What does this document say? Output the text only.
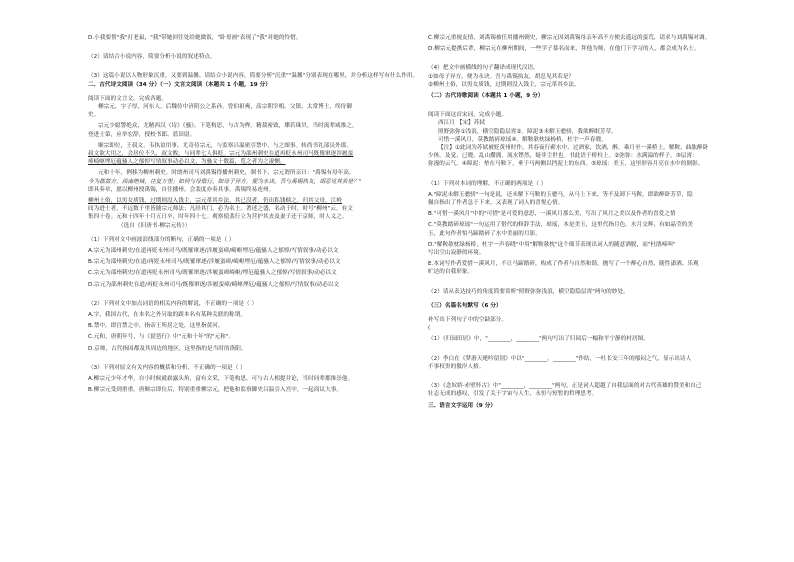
D.小我要帮"我"打老鼠，"我"带她回往处给她做饭，"卧哥画"表现了"我"对她的怜惜。
（2）请结合小说内容，简要分析小说的叙述特点。
（3）这篇小说以人物形象沉重，又要到温馨。请结合小说内容，简要分析"沉重""温馨"分别表现在哪里，并分析这样写有什么作用。
二、古代诗文阅读（34 分）（一）文言文阅读（本题共 1 小题，19 分）
阅读下面的文言文，完成各题。
柳宗元，字子厚，河东人，后魏侍中济阴公之系孙。曾伯祖奭，高宗朝宰相。父镇，太常博士，终侍御
史。
宗元少聪警绝众，尤精西汉《诗》《骚》。下笔构思，与古为侔。精裁密致，璨若珠贝。当时流辈咸推之，
登进士第，应举宏辞，授校书郎、蓝田尉。
顺宗即位，王叔文、韦执谊用事，尤奇待宗元，与监察吕温密引禁中，与之图事。转尚书礼部员外郎。
叔文欲大用之，会居位不久，叔文败，与同辈七人俱贬。宗元为邵州刺史在道再贬永州司马既罹窜逐涉履蛮
瘴崎岖堙厄蕴骚人之郁悼写情叙事动必以文，为骚文十数篇，览之者为之凄恻。
元和十年，例移为柳州刺史。时朗州司马刘禹锡得播州刺史，制书下，宗元谓所亲曰："禹锡有母年高，
今为郡蛮方，西南绝域，往复万里；如何与母偕行。如母子异方，便为永诀。吾与禹锡执友，胡忍见其若是？"
即具奏章，愿以柳州授禹锡，自往播州。会裴度亦奏其事，禹锡终易连州。
柳州土俗，以男女质钱，过期则没入钱主，宗元革其乡法。其已没者，仍出私钱赎之，归其父母。江岭
间为进士者，不远数千里皆随宗元师法；凡经其门，必为名士。著述之盛，名动于时，时号"柳州"云。有文
集四十卷。元和十四年十月五日卒，时年四十七。观察使裴行立为营护其丧及妻子还于京师，时人义之。
（选自《旧唐书·柳宗元传》）
（1）下列对文中画波浪线部分的断句，正确的一项是（ ）
A.宗元为邵州刺史/在道再贬永州司马/既罹窜逐/涉履蛮瘴/崎岖堙厄/蕴骚人之郁悼/写情叙事/动必以文
B.宗元为邵州刺史/在道/再贬永州司马/既罹窜逐/涉履蛮瘴/崎岖堙厄/蕴骚人之郁悼/写情叙事/动必以文
C.宗元为邵州刺史/在道再贬永州司马/既罹窜逐/涉履蛮瘴崎岖/堙厄蕴骚人之郁悼/写情叙事/动必以文
D.宗元为邵州刺史在道/再贬永州司马/既罹窜逐/涉履蛮瘴/崎岖堙厄/蕴骚人之郁悼/写情叙事/动必以文
（2）下列对文中加点词语的相关内容的解说，不正确的一项是（ ）
A.字，我国古代，在本名之外另取的跟本名有某种关联的称谓。
B.禁中，即宫禁之中，指帝王所居之处，这里指黄河。
C.元和，唐朝年号，与《琵琶行》中"元和十年"的"元和"。
D.京师，古代指国都及其周边的地区，这里指的是当时的洛阳。
（3）下列对原文有关内容的概括和分析，不正确的一项是（ ）
A.柳宗元少年才华，自小时候就崭露头角，富有文采，下笔构思，可与古人相提并论，当时同辈都推崇他。
B.柳宗元受到重重。唐顺宗即位后，特别重重柳宗元，把他和监察御史吕温引入宫中，一起商议大事。
C.柳宗元重视友情，刘禹锡被任用播州刺史，柳宗元因刘禹锡母亲年高不方便去遥远的蛮荒，请求与刘禹锡对调。
D.柳宗元提携后辈，柳宗元在柳州期间，一些学子慕名而来，拜他为师，在他门下学习的人，都会成为名士。
（4）把文中画横线的句子翻译成现代汉语。
①如母子异方，便为永诀。吾与禹锡执友，胡忍见其若是？
②柳州土俗，以男女质钱，过期则没入钱主，宗元革其乡法。
（二）古代诗歌阅读（本题共 1 小题，9 分）
阅读下面这首宋词，完成小题。
西江月 【宋】苏轼
照野弥弥①浅浪，横空隐隐层霄②。障泥③未解玉骢骄，我欲醉眠芳草。
可惜一溪风月，莫教踏碎琼瑶④。解鞍欹枕绿杨桥，杜宇一声春晓。
【注】①此词为苏轼被贬黄州时作，其春夜行蕲水中，过酒家，饮酒，醉，乘月至一溪桥上，解鞍，曲肱醉卧
少休。及觉，已晓。乱山攒拥，流水铿然，疑非尘世也。书此语于桥柱上。②弥弥：水满溢的样子。③层霄：
弥漫的云气。④障泥：垫在马鞍下，垂于马两侧以挡泥土的东西。⑤琼瑶：美玉，这里形容月亮在水中的倒影。
（1）下列对本词的理解，不正确的两项是（ ）
A."障泥未解玉骢骄"一句是说，还未解下马鞍的玉骢马，从马上下来，等不及卸下马鞍，即欲醉卧芳草，隐
佩自指出了作者急于下来，又表现了词人的喜悦心情。
B."可惜一溪风月"中的"可惜"是可爱的意思，一溪风月那么美，写出了风月之美以及作者的喜爱之情
C."莫教踏碎琼瑶"一句运用了借代的修辞手法，琼瑶，本是美玉，这里代指月色。水月交辉，有如晶莹的美
玉，此句作者怕马蹄踏碎了水中美丽的月影。
D."解鞍欹枕绿杨桥，杜宇一声春晓"中用"解鞍欹枕"这个细节表现出词人的随意洒脱，而"杜鹃啼叫"
写出空山寂静的环境。
E.本词写作者爱惜一溪风月，不让马蹄踏碎，构成了作者与自然和谐，抛写了一个醉心自然、随性潇洒、乐观
旷达的自我形象。
（2）请从表达技巧的角度简要赏析"照野弥弥浅浪，横空隐隐层霄"两句的妙处。
（三）名篇名句默写（6 分）
补写出下列句子中的空缺部分。
(
（1）《归园田居》中，"________，________"两句写出了归园后一幅和平宁静的村居图。
（2）李白在《梦游天姥吟留别》中以"________，________"作结，一吐长安三年的郁闷之气，显示出诗人
不事权贵的傲岸人格。
（3）《念奴娇·赤壁怀古》中"________，________"两句，正是词人超越了自我层面的对古代英雄的赞美和自己
壮志无成的感叹，引发了关于宇宙与人生、永恒与短暂的哲理思考。
三、语言文字运用（9 分）
